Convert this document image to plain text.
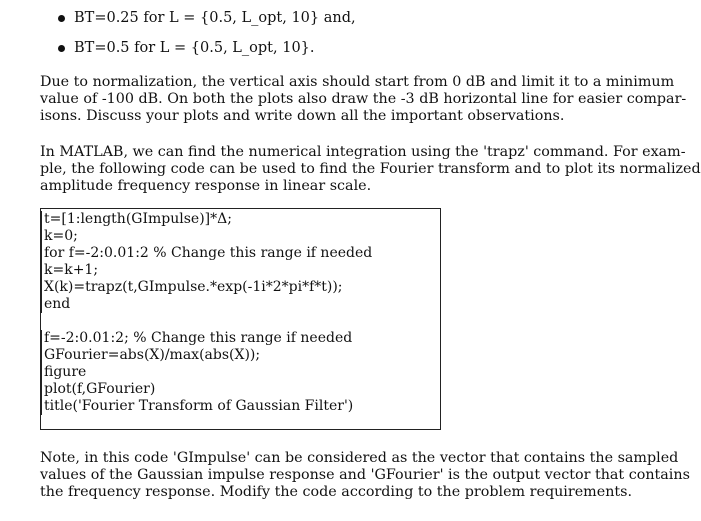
BT=0.25 for L = {0.5, L_opt, 10} and,
BT=0.5 for L = {0.5, L_opt, 10}.

Due to normalization, the vertical axis should start from 0 dB and limit it to a minimum
value of -100 dB. On both the plots also draw the -3 dB horizontal line for easier compar-
isons. Discuss your plots and write down all the important observations.

In MATLAB, we can find the numerical integration using the 'trapz' command. For exam-
ple, the following code can be used to find the Fourier transform and to plot its normalized
amplitude frequency response in linear scale.

t=[1:length(GImpulse)]*Δ;
k=0;
for f=-2:0.01:2 % Change this range if needed
k=k+1;
X(k)=trapz(t,GImpulse.*exp(-1i*2*pi*f*t));
end
f=-2:0.01:2; % Change this range if needed
GFourier=abs(X)/max(abs(X));
figure
plot(f,GFourier)
title('Fourier Transform of Gaussian Filter')

Note, in this code 'GImpulse' can be considered as the vector that contains the sampled
values of the Gaussian impulse response and 'GFourier' is the output vector that contains
the frequency response. Modify the code according to the problem requirements.
